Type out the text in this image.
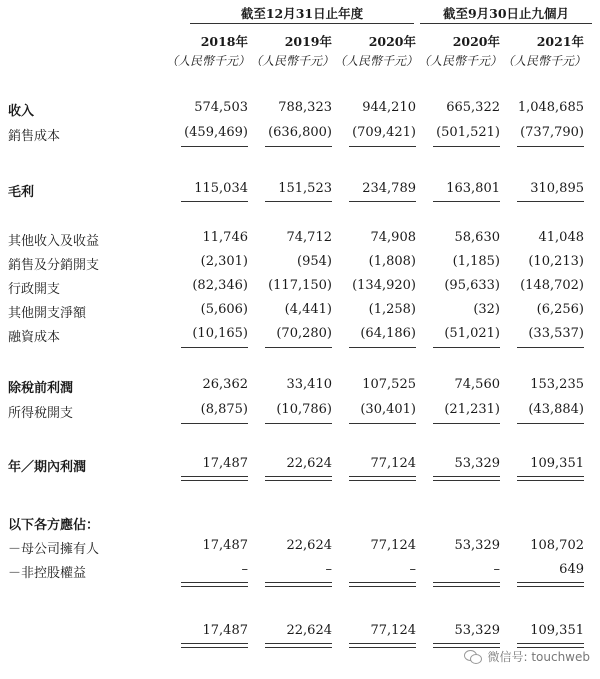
截至12月31日止年度	截至9月30日止九個月
2018年	2019年	2020年	2020年	2021年
（人民幣千元） （人民幣千元） （人民幣千元） （人民幣千元） （人民幣千元）
收入	574,503	788,323	944,210	665,322	1,048,685
銷售成本	(459,469)	(636,800)	(709,421)	(501,521)	(737,790)
毛利	115,034	151,523	234,789	163,801	310,895
其他收入及收益	11,746	74,712	74,908	58,630	41,048
銷售及分銷開支	(2,301)	(954)	(1,808)	(1,185)	(10,213)
行政開支	(82,346)	(117,150)	(134,920)	(95,633)	(148,702)
其他開支淨額	(5,606)	(4,441)	(1,258)	(32)	(6,256)
融資成本	(10,165)	(70,280)	(64,186)	(51,021)	(33,537)
除稅前利潤	26,362	33,410	107,525	74,560	153,235
所得稅開支	(8,875)	(10,786)	(30,401)	(21,231)	(43,884)
年／期內利潤	17,487	22,624	77,124	53,329	109,351
以下各方應佔：
－母公司擁有人	17,487	22,624	77,124	53,329	108,702
－非控股權益	–	–	–	–	649
17,487	22,624	77,124	53,329	109,351
微信号: touchweb
